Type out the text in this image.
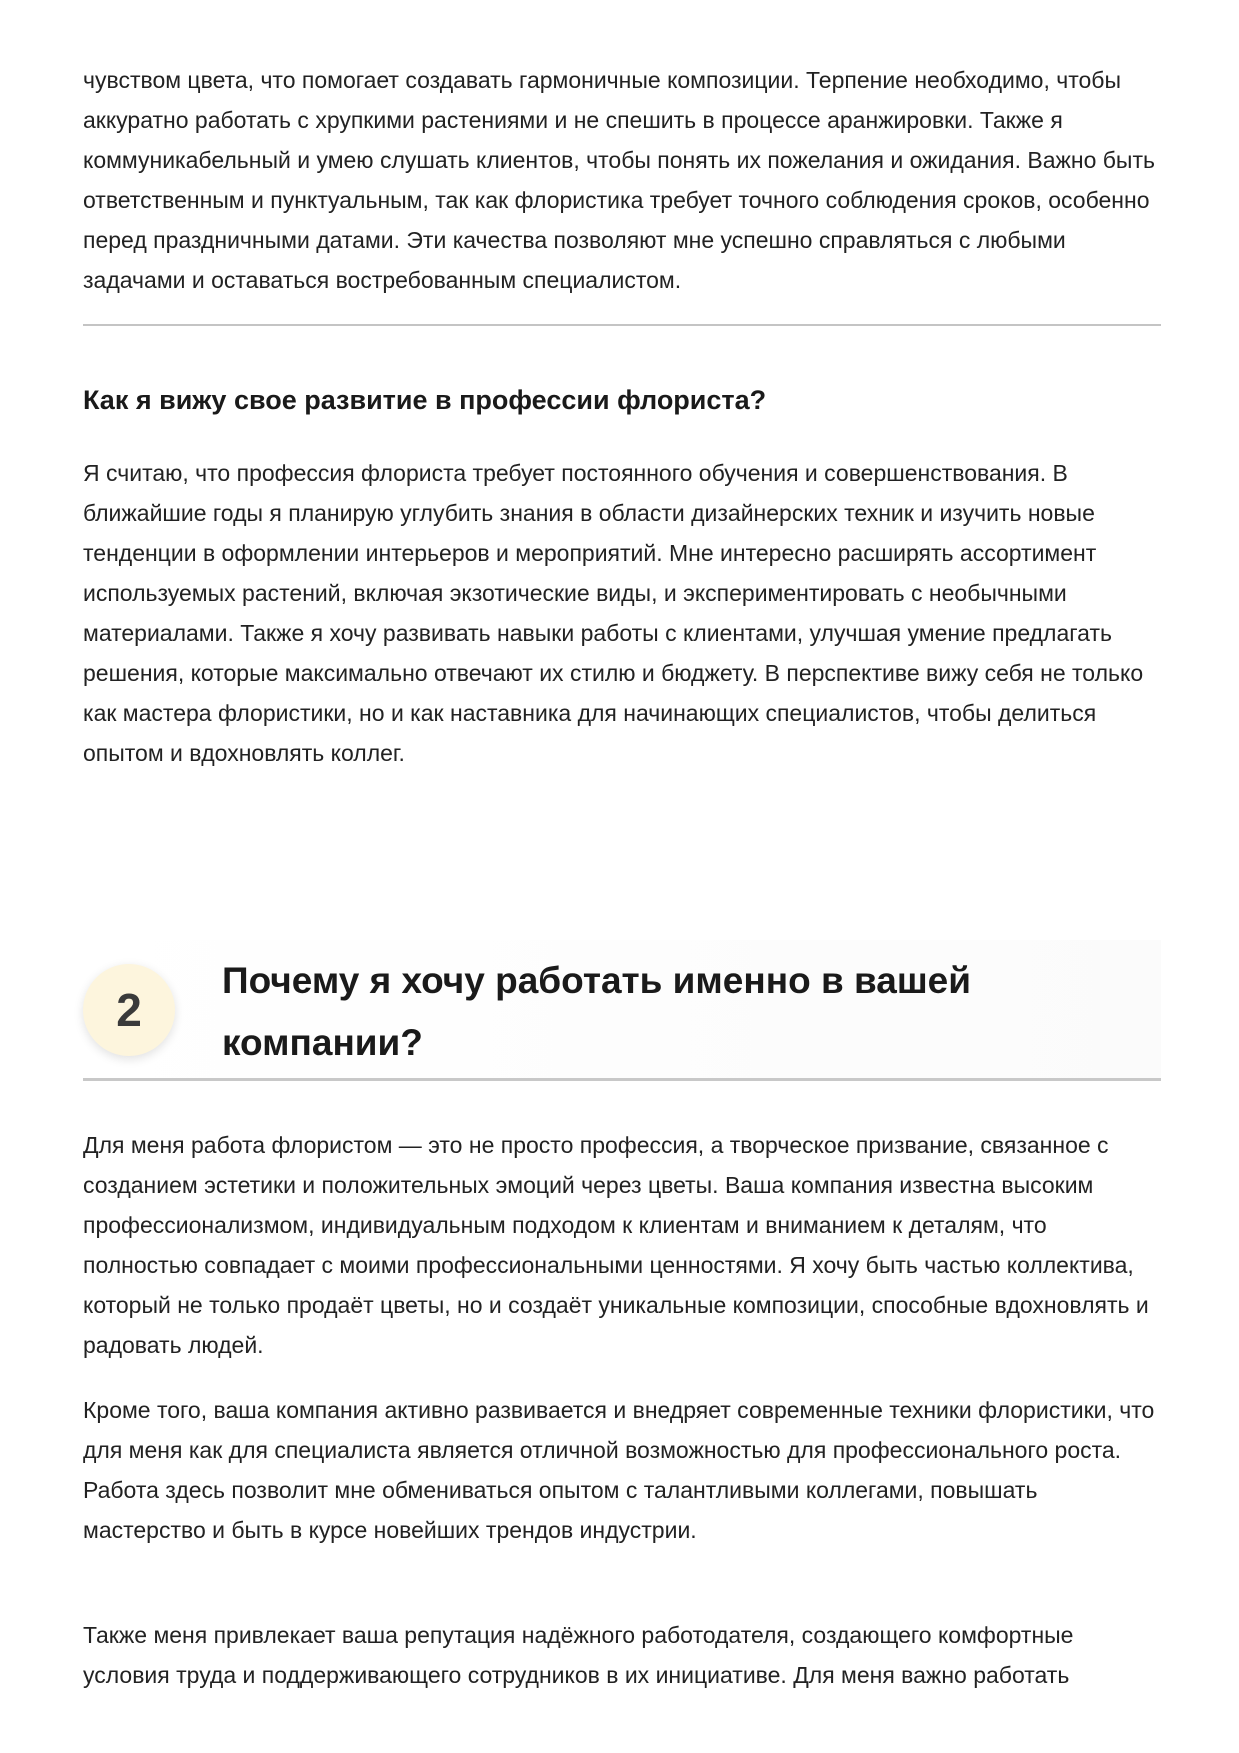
чувством цвета, что помогает создавать гармоничные композиции. Терпение необходимо, чтобы аккуратно работать с хрупкими растениями и не спешить в процессе аранжировки. Также я коммуникабельный и умею слушать клиентов, чтобы понять их пожелания и ожидания. Важно быть ответственным и пунктуальным, так как флористика требует точного соблюдения сроков, особенно перед праздничными датами. Эти качества позволяют мне успешно справляться с любыми задачами и оставаться востребованным специалистом.

Как я вижу свое развитие в профессии флориста?

Я считаю, что профессия флориста требует постоянного обучения и совершенствования. В ближайшие годы я планирую углубить знания в области дизайнерских техник и изучить новые тенденции в оформлении интерьеров и мероприятий. Мне интересно расширять ассортимент используемых растений, включая экзотические виды, и экспериментировать с необычными материалами. Также я хочу развивать навыки работы с клиентами, улучшая умение предлагать решения, которые максимально отвечают их стилю и бюджету. В перспективе вижу себя не только как мастера флористики, но и как наставника для начинающих специалистов, чтобы делиться опытом и вдохновлять коллег.

2
Почему я хочу работать именно в вашей компании?

Для меня работа флористом — это не просто профессия, а творческое призвание, связанное с созданием эстетики и положительных эмоций через цветы. Ваша компания известна высоким профессионализмом, индивидуальным подходом к клиентам и вниманием к деталям, что полностью совпадает с моими профессиональными ценностями. Я хочу быть частью коллектива, который не только продаёт цветы, но и создаёт уникальные композиции, способные вдохновлять и радовать людей.

Кроме того, ваша компания активно развивается и внедряет современные техники флористики, что для меня как для специалиста является отличной возможностью для профессионального роста. Работа здесь позволит мне обмениваться опытом с талантливыми коллегами, повышать мастерство и быть в курсе новейших трендов индустрии.

Также меня привлекает ваша репутация надёжного работодателя, создающего комфортные условия труда и поддерживающего сотрудников в их инициативе. Для меня важно работать
